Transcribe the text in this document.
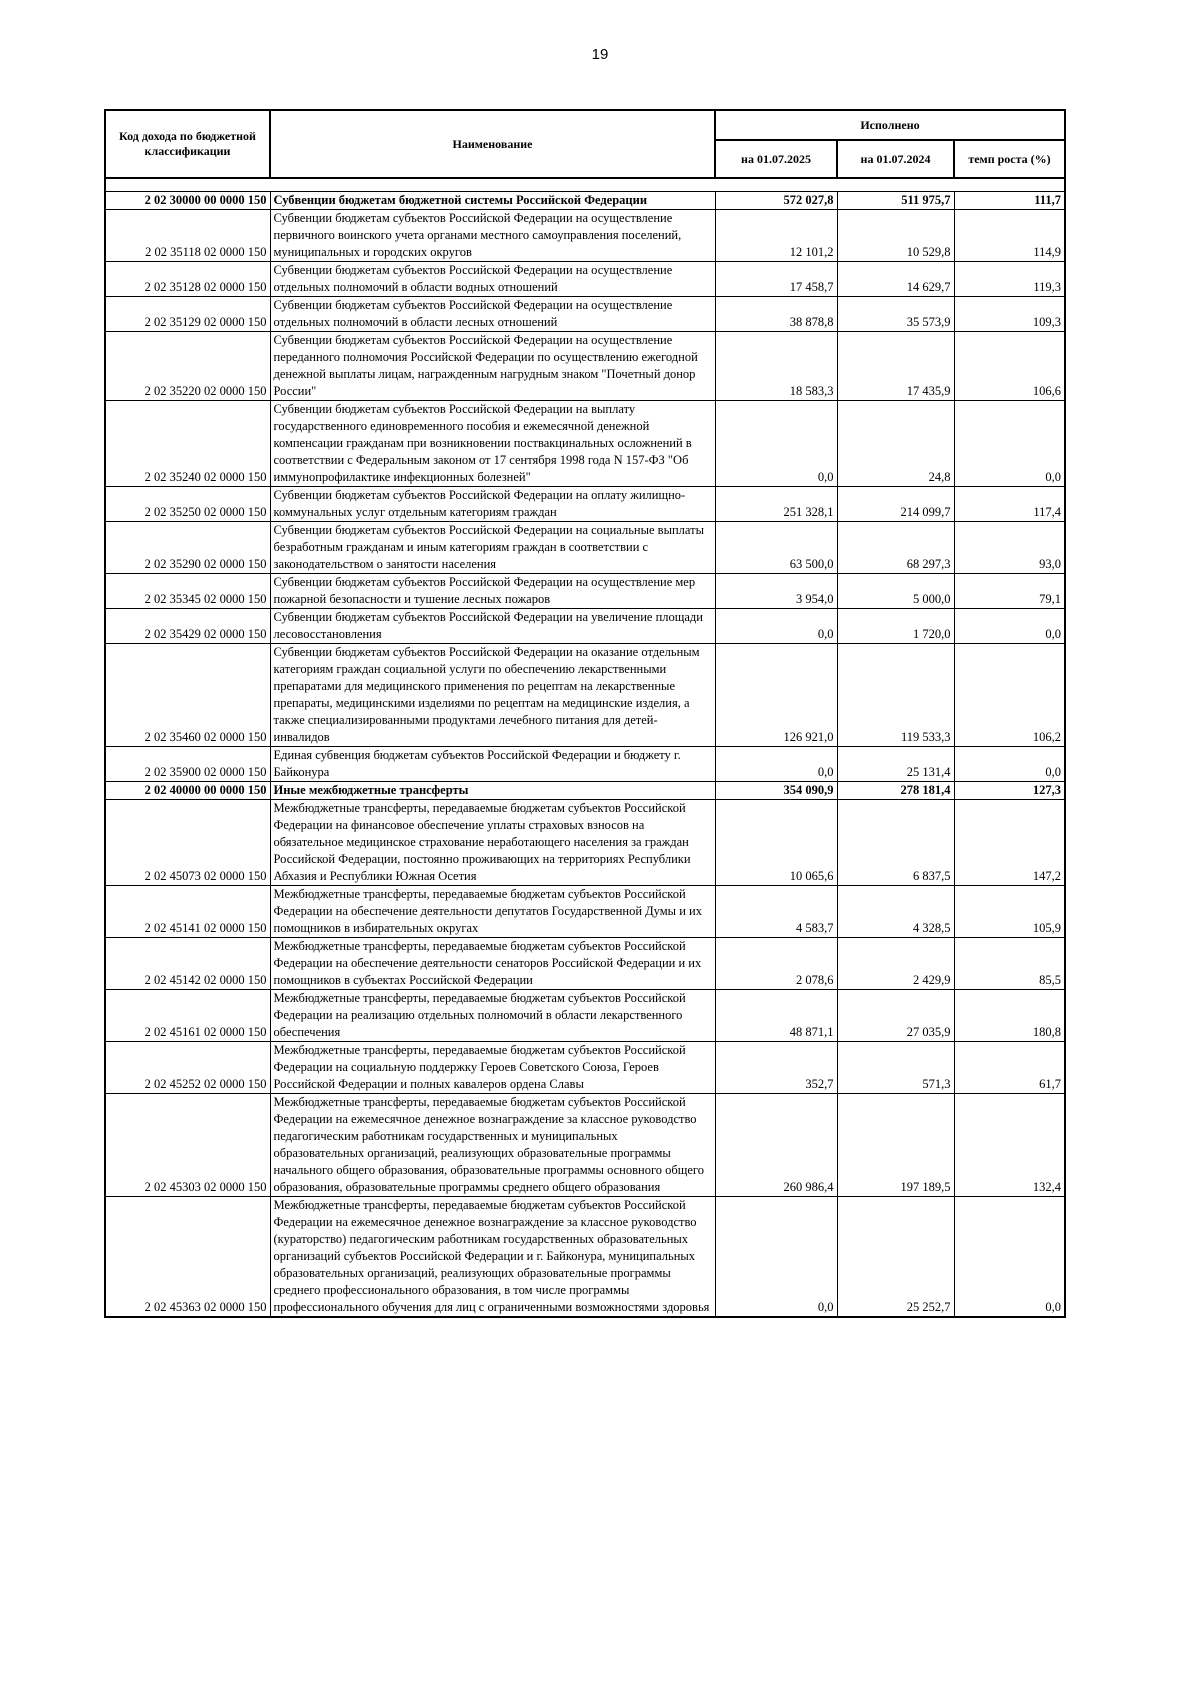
19
Код дохода по бюджетной классификации	Наименование	Исполнено		
		на 01.07.2025	на 01.07.2024	темп роста (%)

2 02 30000 00 0000 150	Субвенции бюджетам бюджетной системы Российской Федерации	572 027,8	511 975,7	111,7
2 02 35118 02 0000 150	Субвенции бюджетам субъектов Российской Федерации на осуществление первичного воинского учета органами местного самоуправления поселений, муниципальных и городских округов	12 101,2	10 529,8	114,9
2 02 35128 02 0000 150	Субвенции бюджетам субъектов Российской Федерации на осуществление отдельных полномочий в области водных отношений	17 458,7	14 629,7	119,3
2 02 35129 02 0000 150	Субвенции бюджетам субъектов Российской Федерации на осуществление отдельных полномочий в области лесных отношений	38 878,8	35 573,9	109,3
2 02 35220 02 0000 150	Субвенции бюджетам субъектов Российской Федерации на осуществление переданного полномочия Российской Федерации по осуществлению ежегодной денежной выплаты лицам, награжденным нагрудным знаком "Почетный донор России"	18 583,3	17 435,9	106,6
2 02 35240 02 0000 150	Субвенции бюджетам субъектов Российской Федерации на выплату государственного единовременного пособия и ежемесячной денежной компенсации гражданам при возникновении поствакцинальных осложнений в соответствии с Федеральным законом от 17 сентября 1998 года N 157-ФЗ "Об иммунопрофилактике инфекционных болезней"	0,0	24,8	0,0
2 02 35250 02 0000 150	Субвенции бюджетам субъектов Российской Федерации на оплату жилищно-коммунальных услуг отдельным категориям граждан	251 328,1	214 099,7	117,4
2 02 35290 02 0000 150	Субвенции бюджетам субъектов Российской Федерации на социальные выплаты безработным гражданам и иным категориям граждан в соответствии с законодательством о занятости населения	63 500,0	68 297,3	93,0
2 02 35345 02 0000 150	Субвенции бюджетам субъектов Российской Федерации на осуществление мер пожарной безопасности и тушение лесных пожаров	3 954,0	5 000,0	79,1
2 02 35429 02 0000 150	Субвенции бюджетам субъектов Российской Федерации на увеличение площади лесовосстановления	0,0	1 720,0	0,0
2 02 35460 02 0000 150	Субвенции бюджетам субъектов Российской Федерации на оказание отдельным категориям граждан социальной услуги по обеспечению лекарственными препаратами для медицинского применения по рецептам на лекарственные препараты, медицинскими изделиями по рецептам на медицинские изделия, а также специализированными продуктами лечебного питания для детей-инвалидов	126 921,0	119 533,3	106,2
2 02 35900 02 0000 150	Единая субвенция бюджетам субъектов Российской Федерации и бюджету г. Байконура	0,0	25 131,4	0,0
2 02 40000 00 0000 150	Иные межбюджетные трансферты	354 090,9	278 181,4	127,3
2 02 45073 02 0000 150	Межбюджетные трансферты, передаваемые бюджетам субъектов Российской Федерации на финансовое обеспечение уплаты страховых взносов на обязательное медицинское страхование неработающего населения за граждан Российской Федерации, постоянно проживающих на территориях Республики Абхазия и Республики Южная Осетия	10 065,6	6 837,5	147,2
2 02 45141 02 0000 150	Межбюджетные трансферты, передаваемые бюджетам субъектов Российской Федерации на обеспечение деятельности депутатов Государственной Думы и их помощников в избирательных округах	4 583,7	4 328,5	105,9
2 02 45142 02 0000 150	Межбюджетные трансферты, передаваемые бюджетам субъектов Российской Федерации на обеспечение деятельности сенаторов Российской Федерации и их помощников в субъектах Российской Федерации	2 078,6	2 429,9	85,5
2 02 45161 02 0000 150	Межбюджетные трансферты, передаваемые бюджетам субъектов Российской Федерации на реализацию отдельных полномочий в области лекарственного обеспечения	48 871,1	27 035,9	180,8
2 02 45252 02 0000 150	Межбюджетные трансферты, передаваемые бюджетам субъектов Российской Федерации на социальную поддержку Героев Советского Союза, Героев Российской Федерации и полных кавалеров ордена Славы	352,7	571,3	61,7
2 02 45303 02 0000 150	Межбюджетные трансферты, передаваемые бюджетам субъектов Российской Федерации на ежемесячное денежное вознаграждение за классное руководство педагогическим работникам государственных и муниципальных образовательных организаций, реализующих образовательные программы начального общего образования, образовательные программы основного общего образования, образовательные программы среднего общего образования	260 986,4	197 189,5	132,4
2 02 45363 02 0000 150	Межбюджетные трансферты, передаваемые бюджетам субъектов Российской Федерации на ежемесячное денежное вознаграждение за классное руководство (кураторство) педагогическим работникам государственных образовательных организаций субъектов Российской Федерации и г. Байконура, муниципальных образовательных организаций, реализующих образовательные программы среднего профессионального образования, в том числе программы профессионального обучения для лиц с ограниченными возможностями здоровья	0,0	25 252,7	0,0
